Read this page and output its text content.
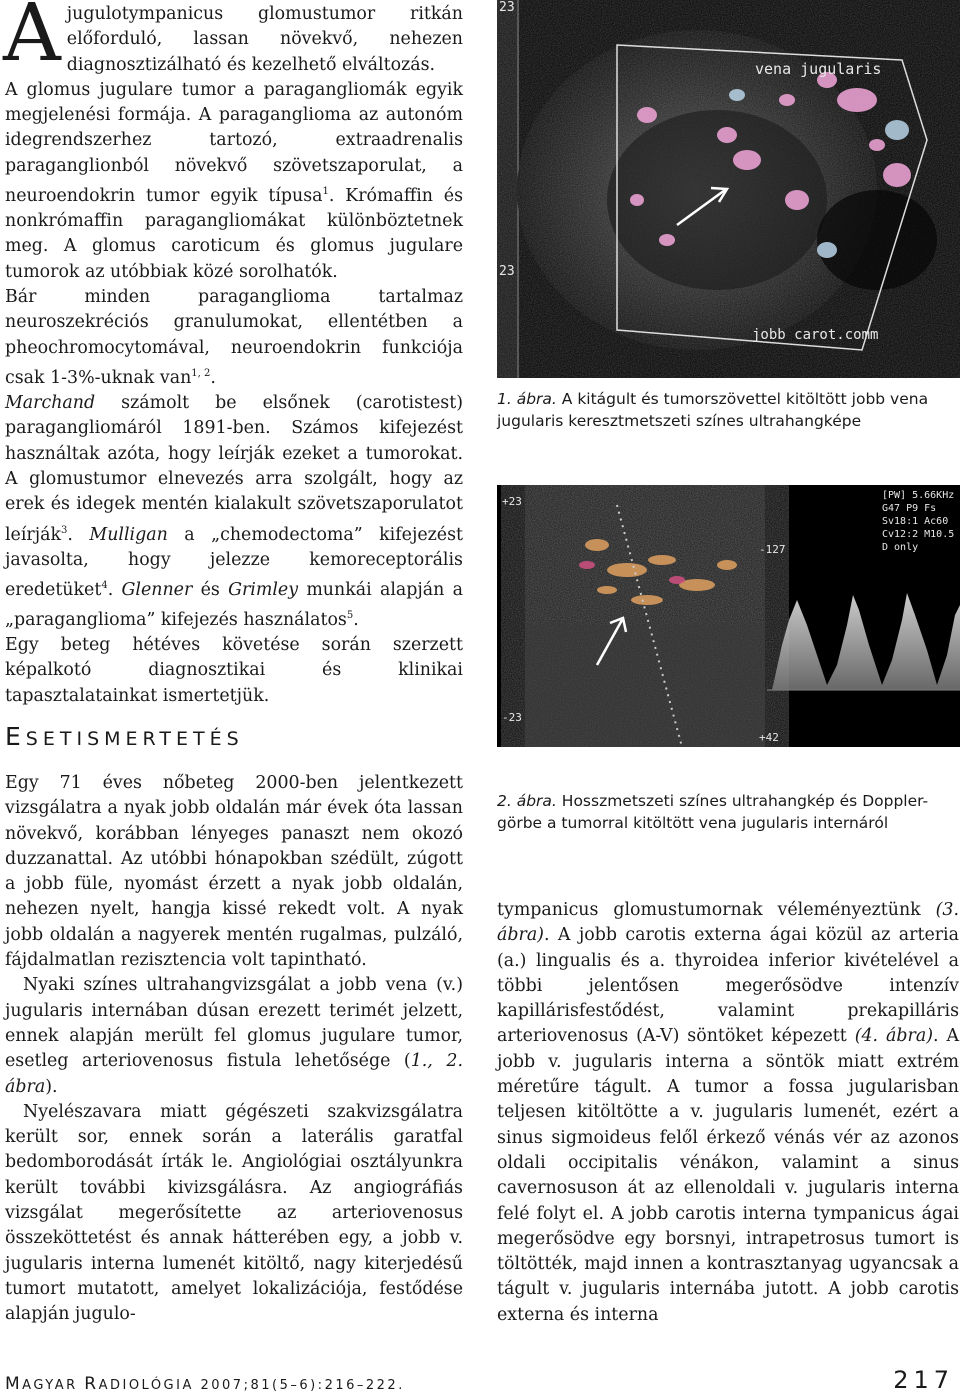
A jugulotympanicus glomustumor ritkán előforduló, lassan növekvő, nehezen diagnosztizálható és kezelhető elváltozás.

A glomus jugulare tumor a paragangliomák egyik megjelenési formája. A paraganglioma az autonóm idegrendszerhez tartozó, extraadrenalis paraganglionból növekvő szövetszaporulat, a neuroendokrin tumor egyik típusa$^1$. Krómaffin és nonkrómaffin paragangliomákat különböztetnek meg. A glomus caroticum és glomus jugulare tumorok az utóbbiak közé sorolhatók.

Bár minden paraganglioma tartalmaz neuroszekréciós granulumokat, ellentétben a pheochromocytomával, neuroendokrin funkciója csak 1-3%-uknak van$^{1, 2}$.

Marchand számolt be elsőnek (carotistest) paragangliomáról 1891-ben. Számos kifejezést használtak azóta, hogy leírják ezeket a tumorokat. A glomustumor elnevezés arra szolgált, hogy az erek és idegek mentén kialakult szövetszaporulatot leírják$^3$. Mulligan a „chemodectoma” kifejezést javasolta, hogy jelezze kemoreceptorális eredetüket$^4$. Glenner és Grimley munkái alapján a „paraganglioma” kifejezés használatos$^5$.

Egy beteg hétéves követése során szerzett képalkotó diagnosztikai és klinikai tapasztalatainkat ismertetjük.

ESETISMERTETÉS

Egy 71 éves nőbeteg 2000-ben jelentkezett vizsgálatra a nyak jobb oldalán már évek óta lassan növekvő, korábban lényeges panaszt nem okozó duzzanattal. Az utóbbi hónapokban szédült, zúgott a jobb füle, nyomást érzett a nyak jobb oldalán, nehezen nyelt, hangja kissé rekedt volt. A nyak jobb oldalán a nagyerek mentén rugalmas, pulzáló, fájdalmatlan rezisztencia volt tapintható.

Nyaki színes ultrahangvizsgálat a jobb vena (v.) jugularis internában dúsan erezett terimét jelzett, ennek alapján merült fel glomus jugulare tumor, esetleg arteriovenosus fistula lehetősége (1., 2. ábra).

Nyelészavara miatt gégészeti szakvizsgálatra került sor, ennek során a laterális garatfal bedomborodását írták le. Angiológiai osztályunkra került további kivizsgálásra. Az angiográfiás vizsgálat megerősítette az arteriovenosus összeköttetést és annak hátterében egy, a jobb v. jugularis interna lumenét kitöltő, nagy kiterjedésű tumort mutatott, amelyet lokalizációja, festődése alapján jugulo-

23
23
vena jugularis
jobb carot.comm
1. ábra. A kitágult és tumorszövettel kitöltött jobb vena jugularis keresztmetszeti színes ultrahangképe
+23
-23
-127
+42
[PW] 5.66KHz
G47 P9 Fs
Sv18:1 Ac60
Cv12:2 M10.5
D only
2. ábra. Hosszmetszeti színes ultrahangkép és Doppler-görbe a tumorral kitöltött vena jugularis internáról

tympanicus glomustumornak véleményeztünk (3. ábra). A jobb carotis externa ágai közül az arteria (a.) lingualis és a. thyroidea inferior kivételével a többi jelentősen megerősödve intenzív kapillárisfestődést, valamint prekapilláris arteriovenosus (A-V) söntöket képezett (4. ábra). A jobb v. jugularis interna a söntök miatt extrém méretűre tágult. A tumor a fossa jugularisban teljesen kitöltötte a v. jugularis lumenét, ezért a sinus sigmoideus felől érkező vénás vér az azonos oldali occipitalis vénákon, valamint a sinus cavernosuson át az ellenoldali v. jugularis interna felé folyt el. A jobb carotis interna tympanicus ágai megerősödve egy borsnyi, intrapetrosus tumort is töltötték, majd innen a kontrasztanyag ugyancsak a tágult v. jugularis internába jutott. A jobb carotis externa és interna

MAGYAR RADIOLÓGIA 2007;81(5–6):216–222.	217
